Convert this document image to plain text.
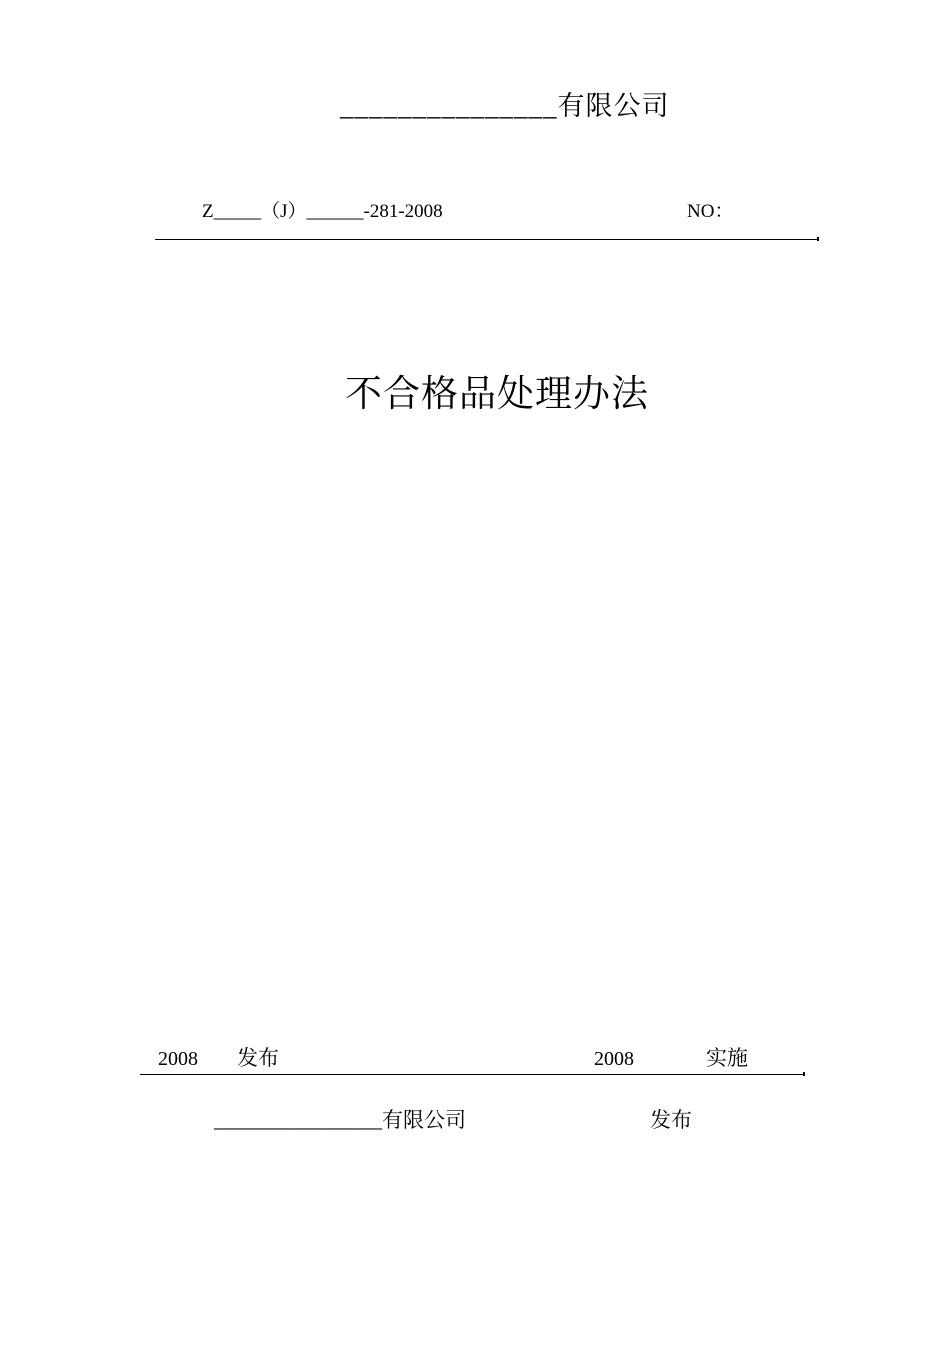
_______________有限公司
Z_____（J）______-281-2008	NO：
不合格品处理办法
2008 发布	2008	实施
________________有限公司	发布
